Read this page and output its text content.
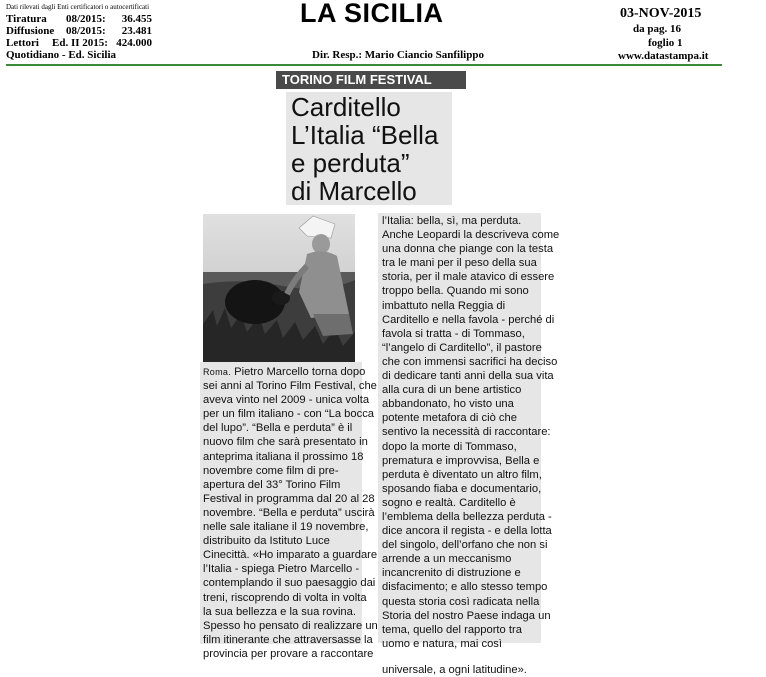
Dati rilevati dagli Enti certificatori o autocertificati
Tiratura 08/2015:	36.455
Diffusione 08/2015:	23.481
Lettori Ed. II 2015: 424.000
Quotidiano - Ed. Sicilia
LA SICILIA
Dir. Resp.: Mario Ciancio Sanfilippo
03-NOV-2015
da pag. 16
foglio 1
www.datastampa.it
TORINO FILM FESTIVAL
Carditello
L’Italia “Bella
e perduta”
di Marcello
Roma. Pietro Marcello torna dopo
sei anni al Torino Film Festival, che
aveva vinto nel 2009 - unica volta
per un film italiano - con “La bocca
del lupo”. “Bella e perduta” è il
nuovo film che sarà presentato in
anteprima italiana il prossimo 18
novembre come film di pre-
apertura del 33° Torino Film
Festival in programma dal 20 al 28
novembre. “Bella e perduta” uscirà
nelle sale italiane il 19 novembre,
distribuito da Istituto Luce
Cinecittà. «Ho imparato a guardare
l’Italia - spiega Pietro Marcello -
contemplando il suo paesaggio dai
treni, riscoprendo di volta in volta
la sua bellezza e la sua rovina.
Spesso ho pensato di realizzare un
film itinerante che attraversasse la
provincia per provare a raccontare
l’Italia: bella, sì, ma perduta.
Anche Leopardi la descriveva come
una donna che piange con la testa
tra le mani per il peso della sua
storia, per il male atavico di essere
troppo bella. Quando mi sono
imbattuto nella Reggia di
Carditello e nella favola - perché di
favola si tratta - di Tommaso,
“l’angelo di Carditello”, il pastore
che con immensi sacrifici ha deciso
di dedicare tanti anni della sua vita
alla cura di un bene artistico
abbandonato, ho visto una
potente metafora di ciò che
sentivo la necessità di raccontare:
dopo la morte di Tommaso,
prematura e improvvisa, Bella e
perduta è diventato un altro film,
sposando fiaba e documentario,
sogno e realtà. Carditello è
l’emblema della bellezza perduta -
dice ancora il regista - e della lotta
del singolo, dell’orfano che non si
arrende a un meccanismo
incancrenito di distruzione e
disfacimento; e allo stesso tempo
questa storia così radicata nella
Storia del nostro Paese indaga un
tema, quello del rapporto tra
uomo e natura, mai così
universale, a ogni latitudine».
